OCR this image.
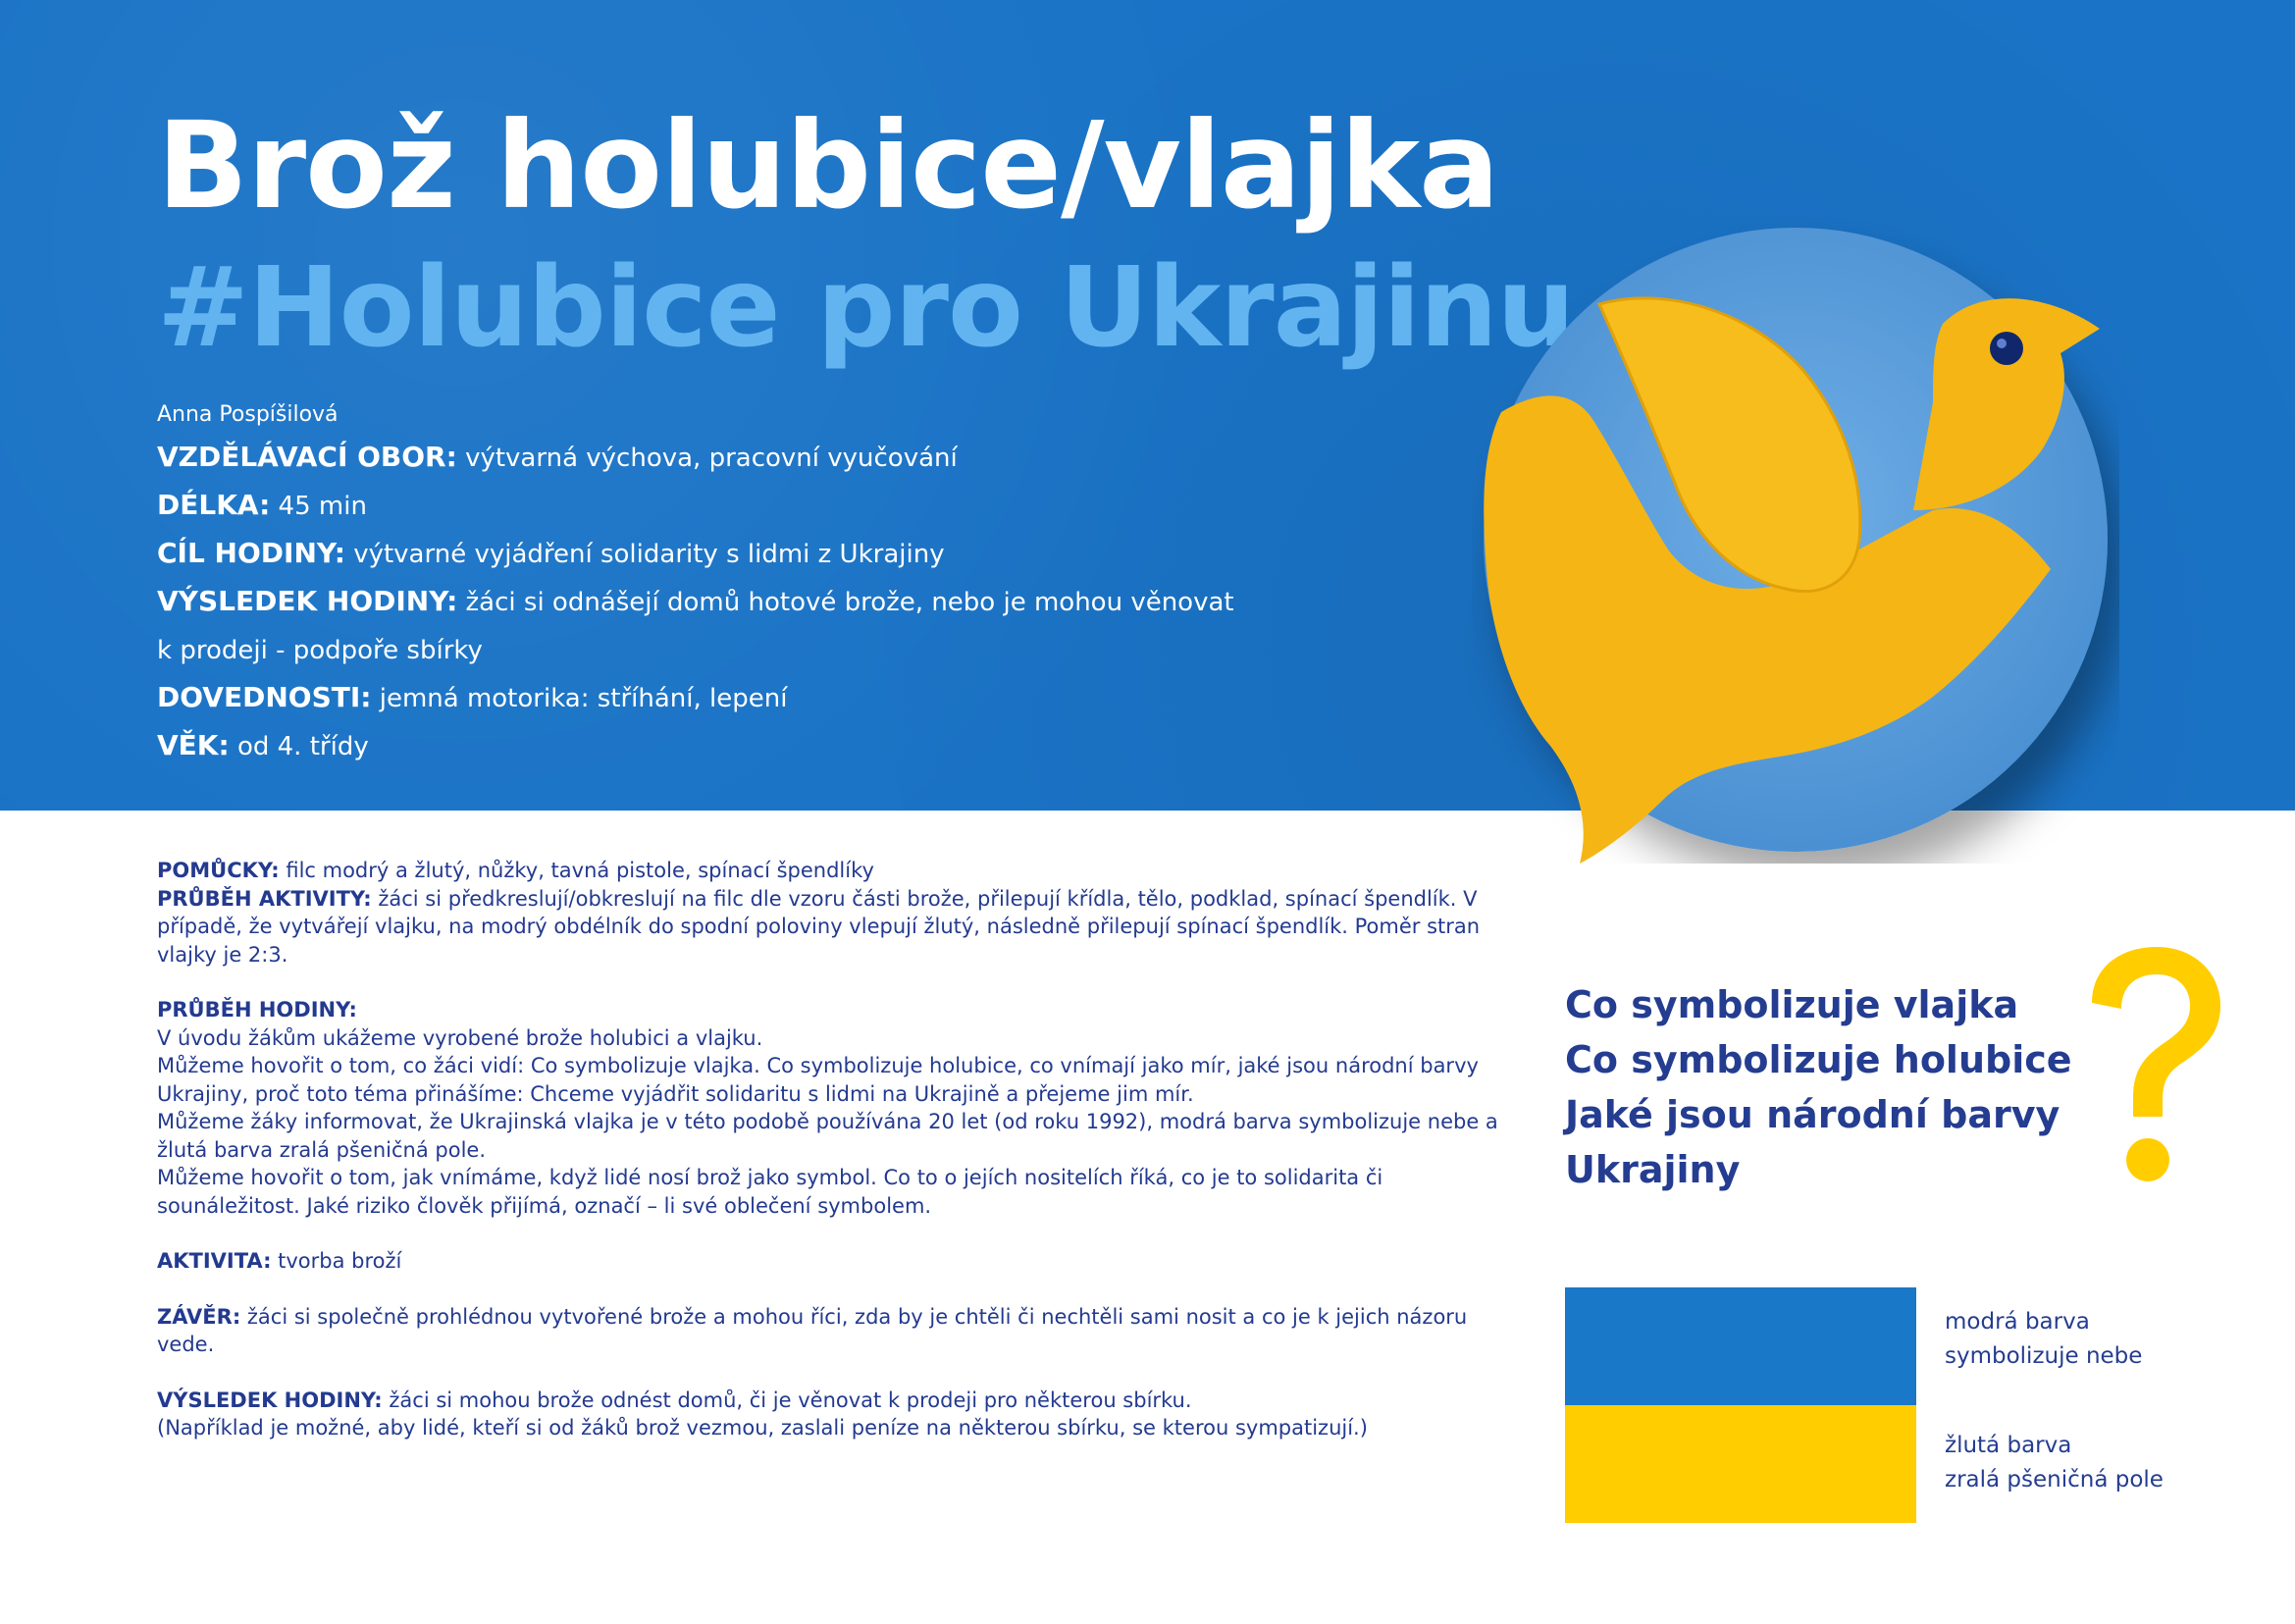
Brož holubice/vlajka
#Holubice pro Ukrajinu
Anna Pospíšilová
VZDĚLÁVACÍ OBOR: výtvarná výchova, pracovní vyučování
DÉLKA: 45 min
CÍL HODINY: výtvarné vyjádření solidarity s lidmi z Ukrajiny
VÝSLEDEK HODINY: žáci si odnášejí domů hotové brože, nebo je mohou věnovat
k prodeji - podpoře sbírky
DOVEDNOSTI: jemná motorika: stříhání, lepení
VĚK: od 4. třídy

POMŮCKY: filc modrý a žlutý, nůžky, tavná pistole, spínací špendlíky

PRŮBĚH AKTIVITY: žáci si předkreslují/obkreslují na filc dle vzoru části brože, přilepují křídla, tělo, podklad, spínací špendlík. V případě, že vytvářejí vlajku, na modrý obdélník do spodní poloviny vlepují žlutý, následně přilepují spínací špendlík. Poměr stran vlajky je 2:3.

PRŮBĚH HODINY:

V úvodu žákům ukážeme vyrobené brože holubici a vlajku.

Můžeme hovořit o tom, co žáci vidí: Co symbolizuje vlajka. Co symbolizuje holubice, co vnímají jako mír, jaké jsou národní barvy Ukrajiny, proč toto téma přinášíme: Chceme vyjádřit solidaritu s lidmi na Ukrajině a přejeme jim mír.

Můžeme žáky informovat, že Ukrajinská vlajka je v této podobě používána 20 let (od roku 1992), modrá barva symbolizuje nebe a žlutá barva zralá pšeničná pole.

Můžeme hovořit o tom, jak vnímáme, když lidé nosí brož jako symbol. Co to o jejích nositelích říká, co je to solidarita či sounáležitost. Jaké riziko člověk přijímá, označí – li své oblečení symbolem.

AKTIVITA: tvorba broží

ZÁVĚR: žáci si společně prohlédnou vytvořené brože a mohou říci, zda by je chtěli či nechtěli sami nosit a co je k jejich názoru vede.

VÝSLEDEK HODINY: žáci si mohou brože odnést domů, či je věnovat k prodeji pro některou sbírku.

(Například je možné, aby lidé, kteří si od žáků brož vezmou, zaslali peníze na některou sbírku, se kterou sympatizují.)

Co symbolizuje vlajka
Co symbolizuje holubice
Jaké jsou národní barvy
Ukrajiny
modrá barva
symbolizuje nebe
žlutá barva
zralá pšeničná pole
